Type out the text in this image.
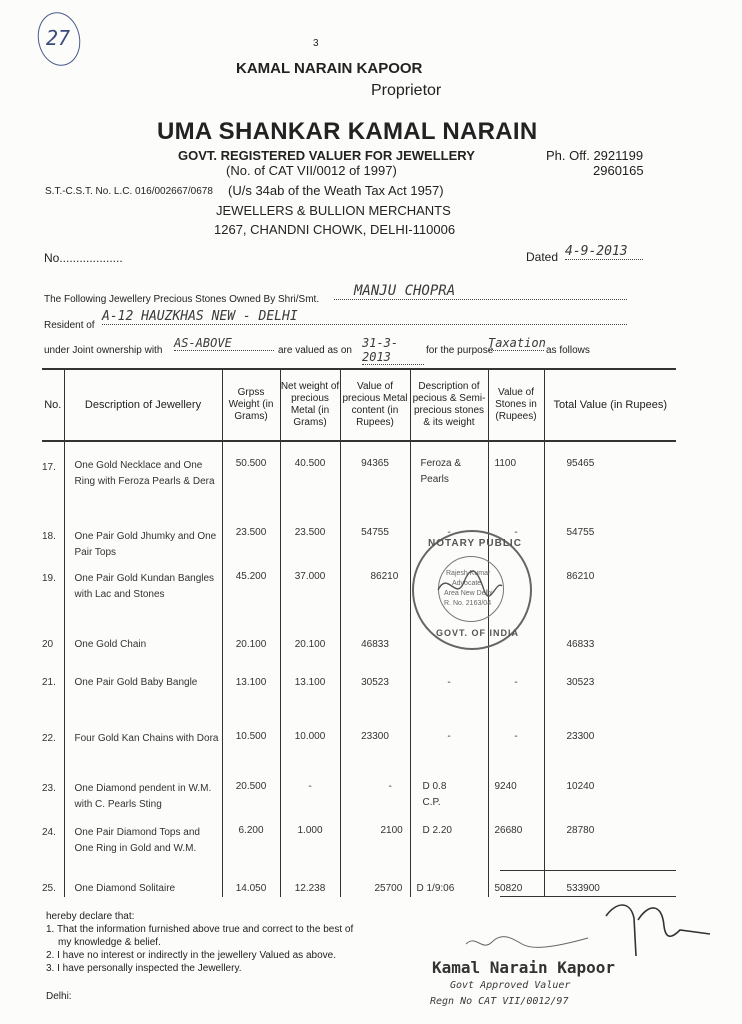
27	3
KAMAL NARAIN KAPOOR
Proprietor
UMA SHANKAR KAMAL NARAIN
GOVT. REGISTERED VALUER FOR JEWELLERY
(No. of CAT VII/0012 of 1997)
Ph. Off. 2921199
2960165
S.T.-C.S.T. No. L.C. 016/002667/0678 (U/s 34ab of the Weath Tax Act 1957)
JEWELLERS & BULLION MERCHANTS
1267, CHANDNI CHOWK, DELHI-110006
No...................	Dated 4-9-2013
The Following Jewellery Precious Stones Owned By Shri/Smt.
MANJU CHOPRA
Resident of
A-12 HAUZKHAS NEW - DELHI
under Joint ownership with
AS-ABOVE
are valued as on
31-3-2013	for the purpose
Taxation
as follows
No.	Description of Jewellery	Grpss Weight (in Grams)	Net weight of precious Metal (in Grams)	Value of precious Metal content (in Rupees)	Description of pecious & Semi-precious stones & its weight	Value of Stones in (Rupees)	Total Value (in Rupees)
17.	One Gold Necklace and One Ring with Feroza Pearls & Dera	50.500	40.500	94365	Feroza & Pearls	1100	95465
18.	One Pair Gold Jhumky and One Pair Tops	23.500	23.500	54755	-	-	54755
19.	One Pair Gold Kundan Bangles with Lac and Stones	45.200	37.000	86210			86210
20	One Gold Chain	20.100	20.100	46833		-	46833
21.	One Pair Gold Baby Bangle	13.100	13.100	30523	-	-	30523
22.	Four Gold Kan Chains with Dora	10.500	10.000	23300	-	-	23300
23.	One Diamond pendent in W.M. with C. Pearls Sting	20.500	-	-	D 0.8 C.P.	9240	10240
24.	One Pair Diamond Tops and One Ring in Gold and W.M.	6.200	1.000	2100	D 2.20	26680	28780
25.	One Diamond Solitaire	14.050	12.238	25700	D 1/9:06	50820	533900
NOTARY PUBLIC
GOVT. OF INDIA
Rajesh Kumar
Advocate
Area New Delhi
R. No. 2163/04
hereby declare that:
1. That the information furnished above true and correct to the best of
my knowledge & belief.
2. I have no interest or indirectly in the jewellery Valued as above.
3. I have personally inspected the Jewellery.
Delhi:
Kamal Narain Kapoor
Govt Approved Valuer
Regn No CAT VII/0012/97
